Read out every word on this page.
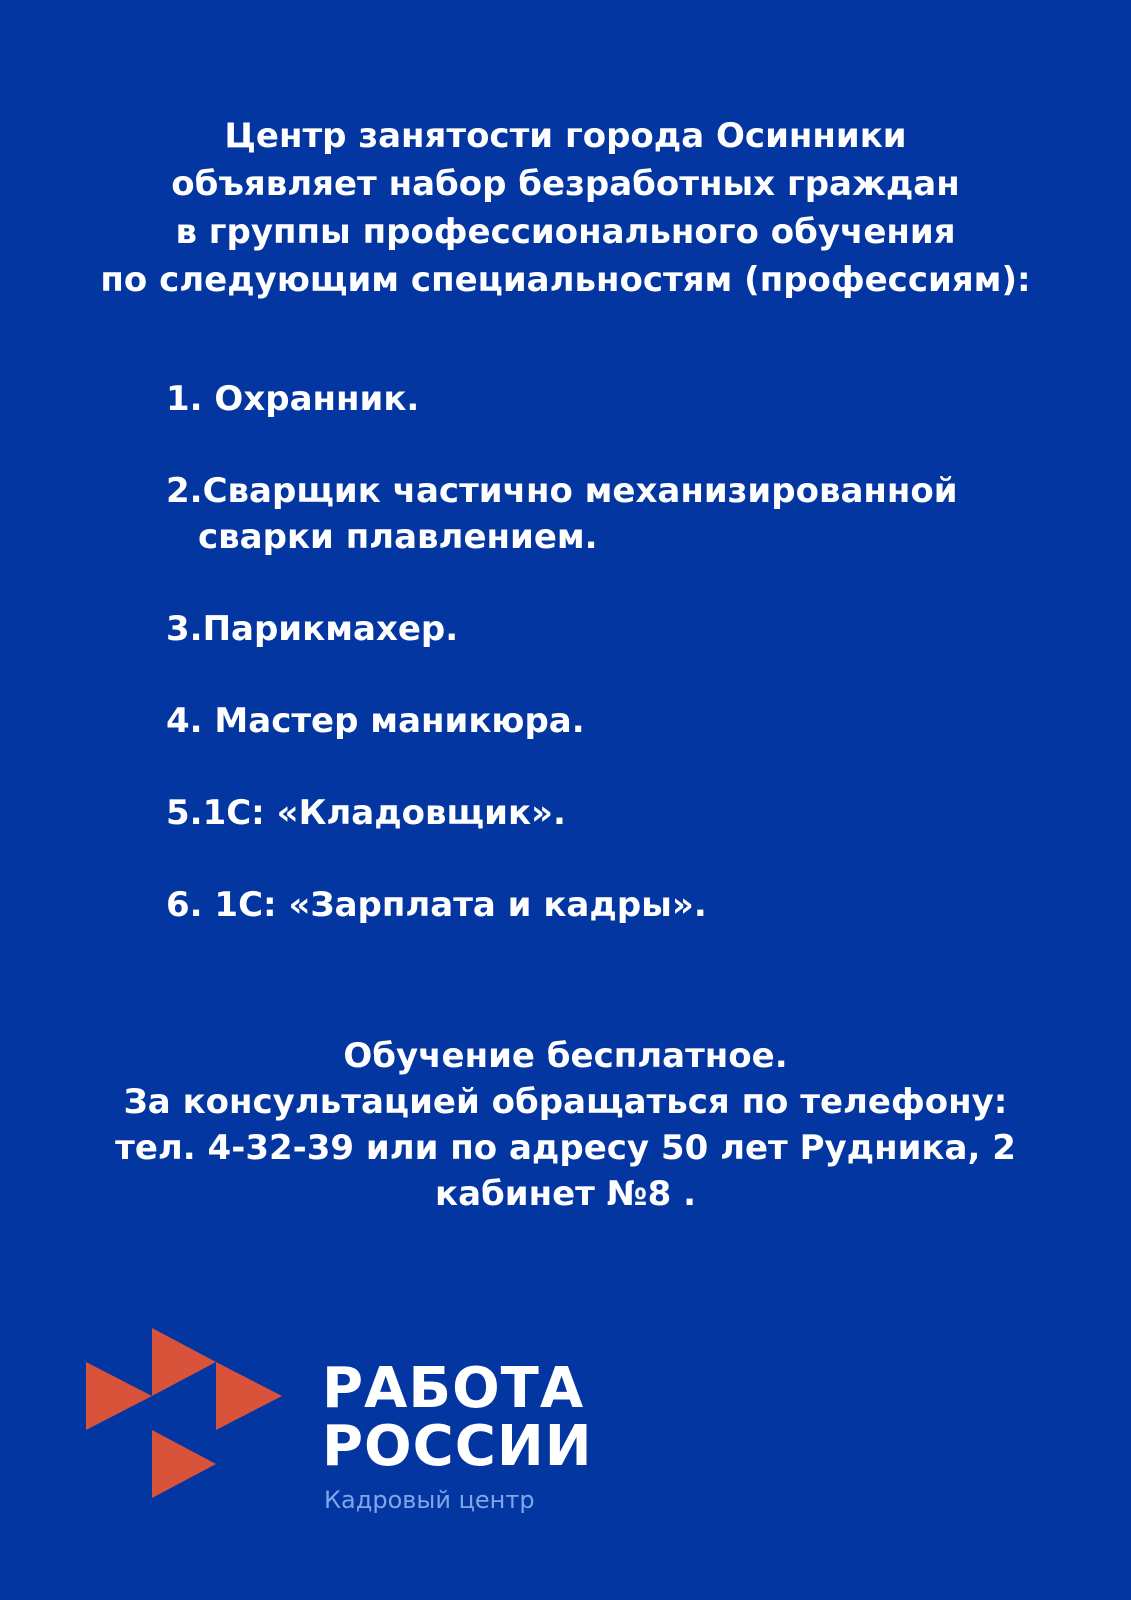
Центр занятости города Осинники
объявляет набор безработных граждан
в группы профессионального обучения
по следующим специальностям (профессиям):
1. Охранник.
2.Сварщик частично механизированной
сварки плавлением.
3.Парикмахер.
4. Мастер маникюра.
5.1С: «Кладовщик».
6. 1С: «Зарплата и кадры».
Обучение бесплатное.
За консультацией обращаться по телефону:
тел. 4-32-39 или по адресу 50 лет Рудника, 2
кабинет №8 .
РАБОТА
РОССИИ
Кадровый центр
